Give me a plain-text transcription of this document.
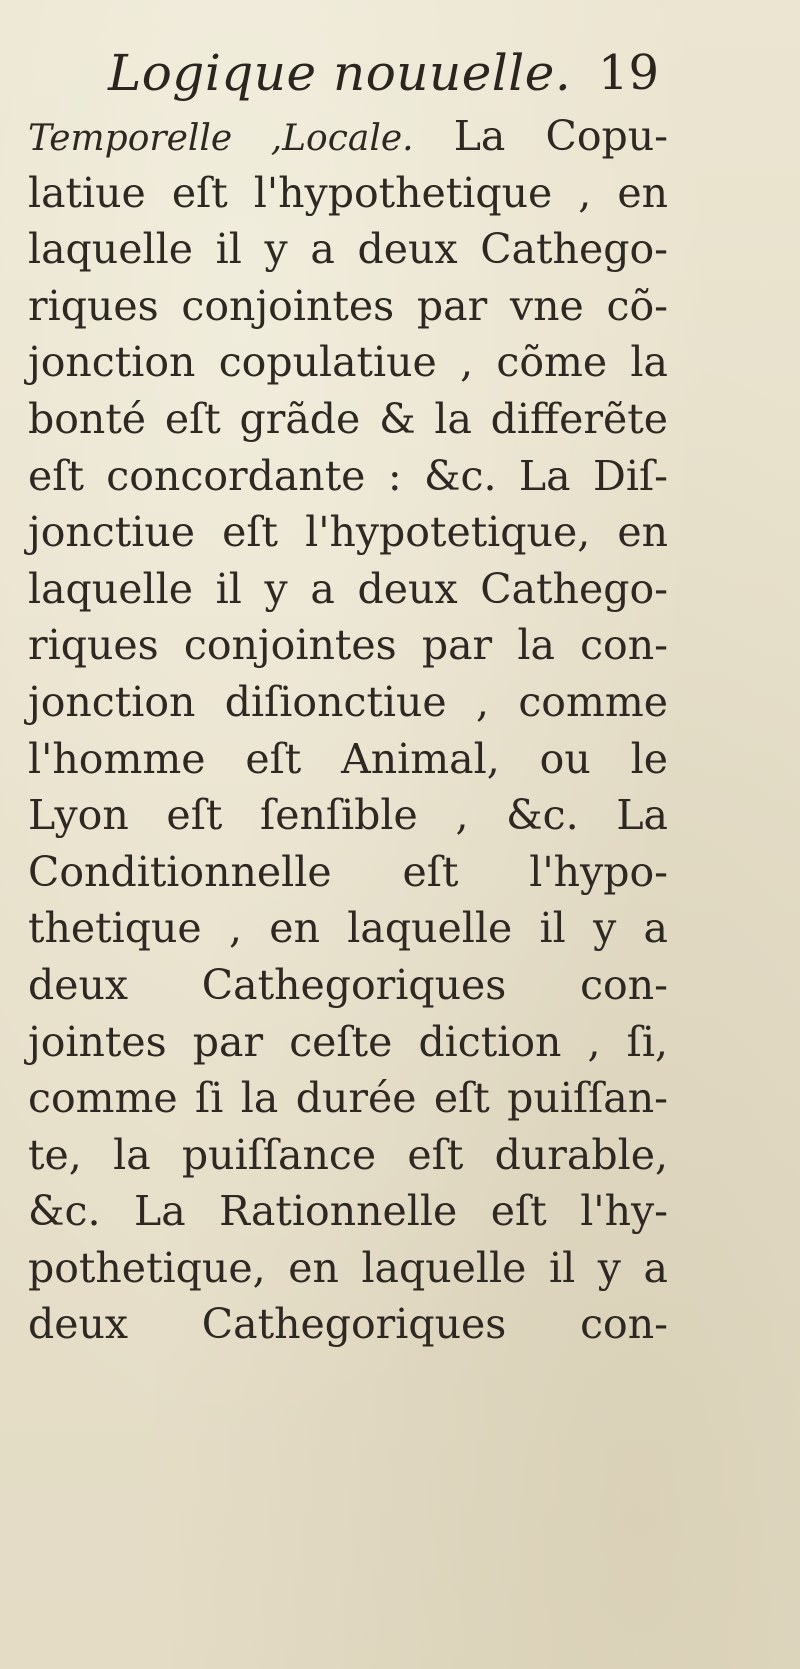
Logique nouuelle. 19
Temporelle ,Locale. La Copu-
latiue eſt l'hypothetique , en
laquelle il y a deux Cathego-
riques conjointes par vne cõ-
jonction copulatiue , cõme la
bonté eſt grãde & la differẽte
eſt concordante : &c. La Diſ-
jonctiue eſt l'hypotetique, en
laquelle il y a deux Cathego-
riques conjointes par la con-
jonction diſionctiue , comme
l'homme eſt Animal, ou le
Lyon eſt ſenſible , &c. La
Conditionnelle eſt l'hypo-
thetique , en laquelle il y a
deux Cathegoriques con-
jointes par ceſte diction , ſi,
comme ſi la durée eſt puiſſan-
te, la puiſſance eſt durable,
&c. La Rationnelle eſt l'hy-
pothetique, en laquelle il y a
deux Cathegoriques con-
